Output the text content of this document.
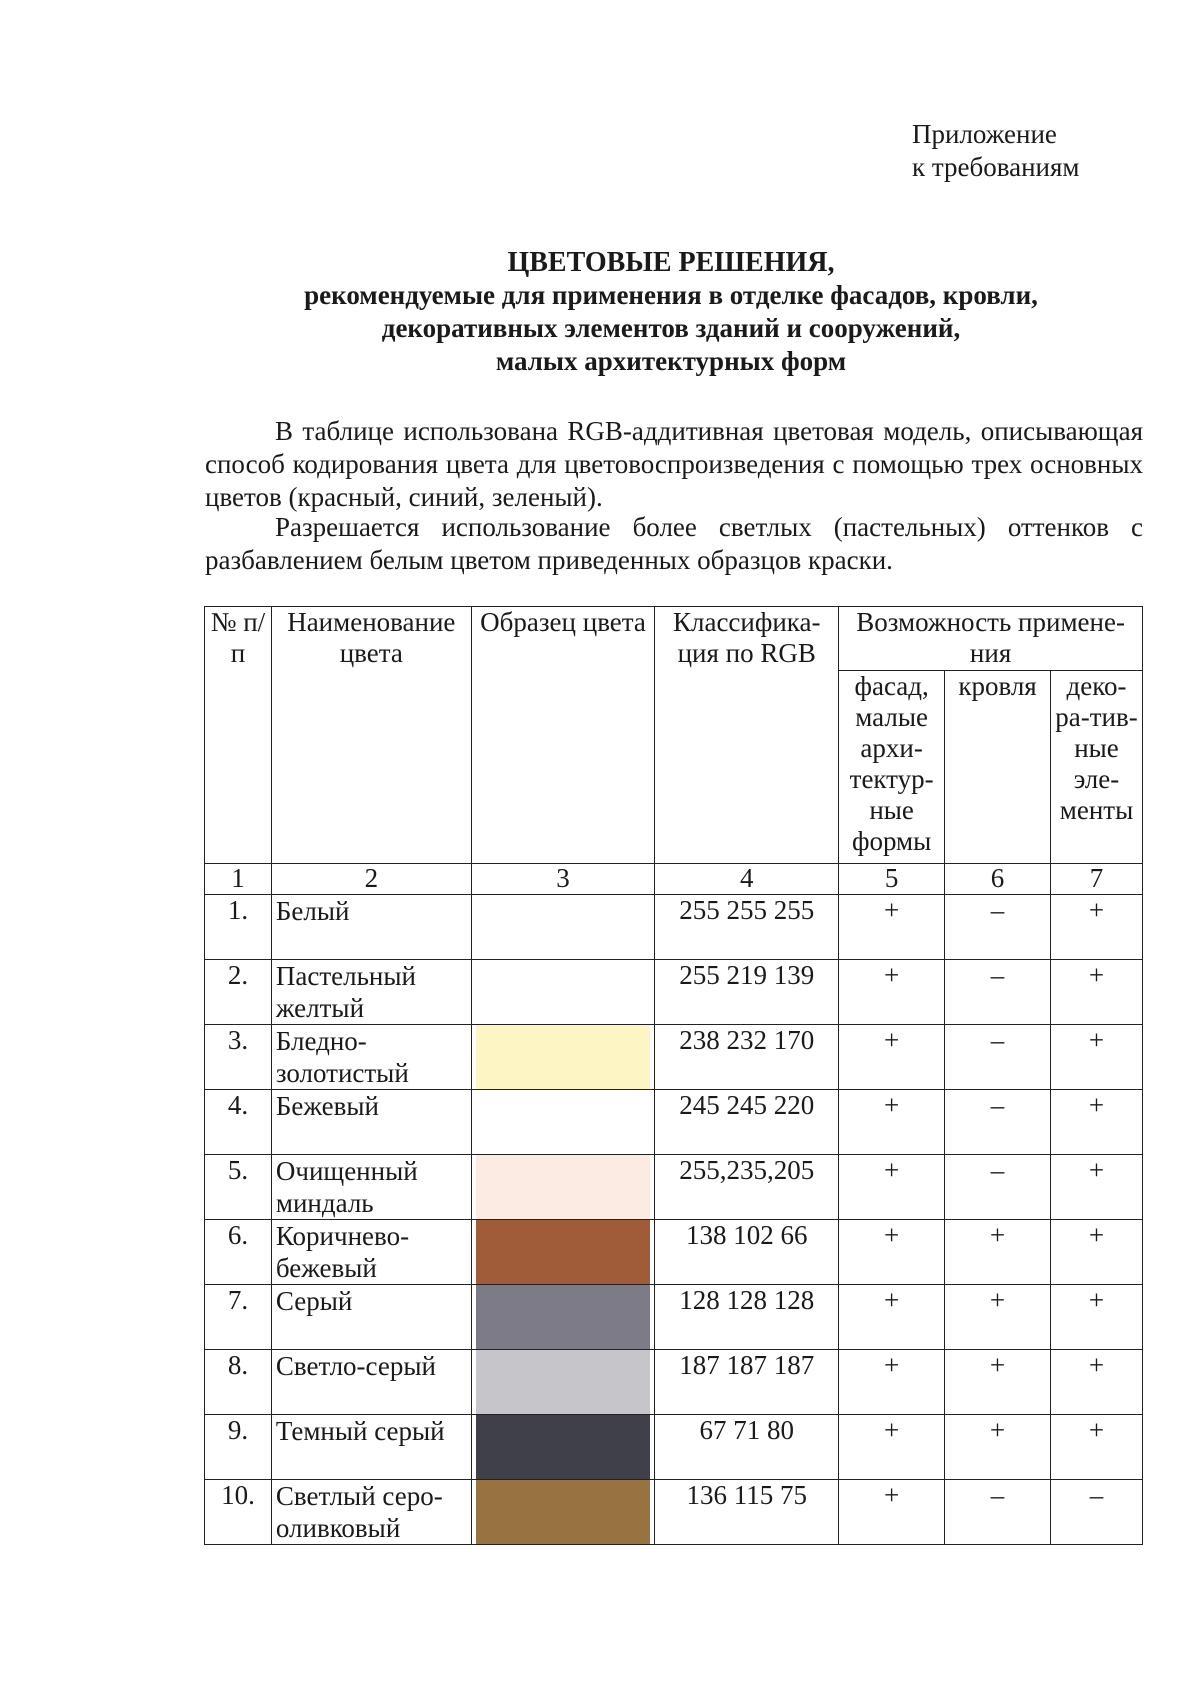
Приложение
к требованиям
ЦВЕТОВЫЕ РЕШЕНИЯ,
рекомендуемые для применения в отделке фасадов, кровли,
декоративных элементов зданий и сооружений,
малых архитектурных форм

В таблице использована RGB-аддитивная цветовая модель, описывающая способ кодирования цвета для цветовоспроизведения с помощью трех основных цветов (красный, синий, зеленый).

Разрешается использование более светлых (пастельных) оттенков с разбавлением белым цветом приведенных образцов краски.

№ п/п	Наименование цвета	Образец цвета	Классифика-ция по RGB	Возможность примене-ния		
				фасад, малые архи-тектур-ные формы	кровля	деко-ра-тив-ные эле-менты
1	2	3	4	5	6	7
1.	Белый		255 255 255	+	–	+
2.	Пастельный желтый		255 219 139	+	–	+
3.	Бледно-золотистый		238 232 170	+	–	+
4.	Бежевый		245 245 220	+	–	+
5.	Очищенный миндаль		255,235,205	+	–	+
6.	Коричнево-бежевый		138 102 66	+	+	+
7.	Серый		128 128 128	+	+	+
8.	Светло-серый		187 187 187	+	+	+
9.	Темный серый		67 71 80	+	+	+
10.	Светлый серо-оливковый		136 115 75	+	–	–
